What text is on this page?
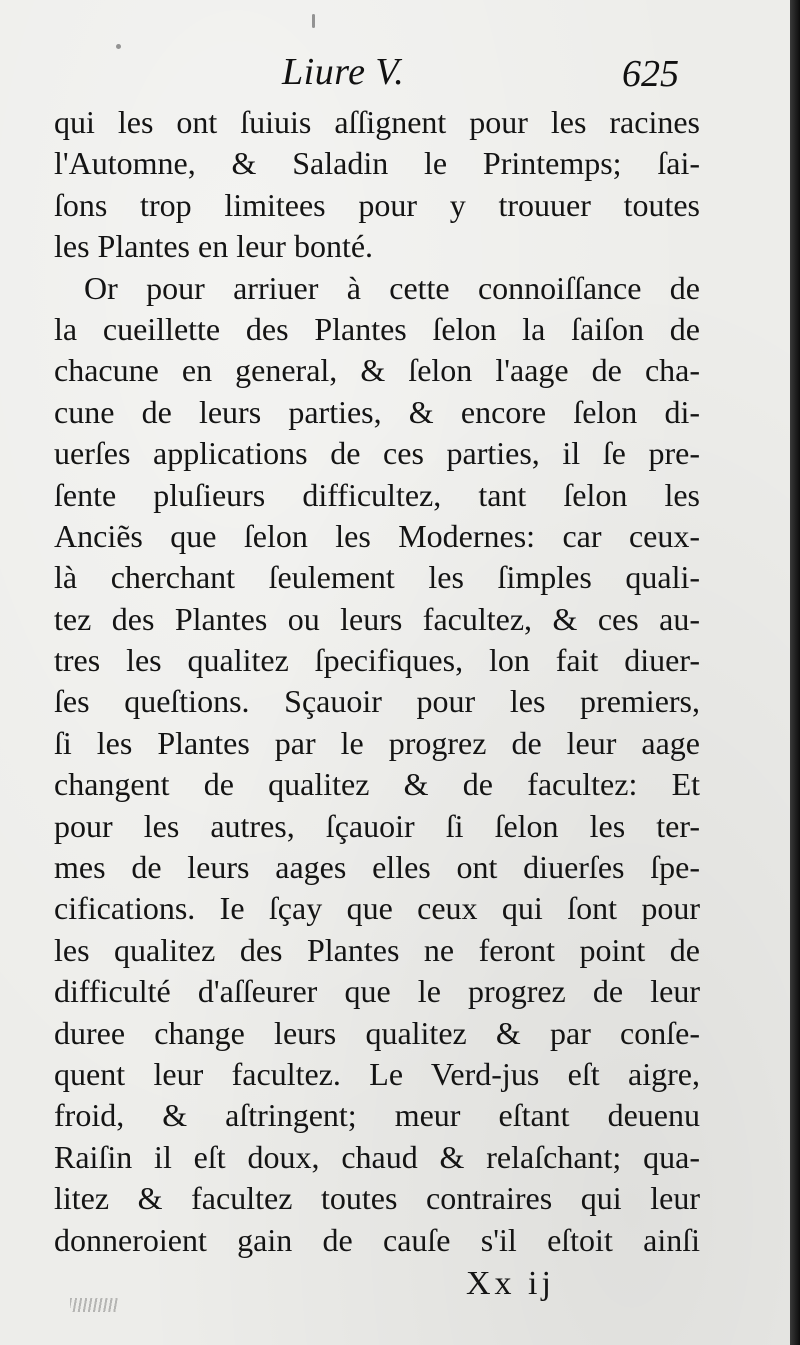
Liure V.	625
qui les ont ſuiuis aſſignent pour les racines
l'Automne, & Saladin le Printemps; ſai-
ſons trop limitees pour y trouuer toutes
les Plantes en leur bonté.
Or pour arriuer à cette connoiſſance de
la cueillette des Plantes ſelon la ſaiſon de
chacune en general, & ſelon l'aage de cha-
cune de leurs parties, & encore ſelon di-
uerſes applications de ces parties, il ſe pre-
ſente pluſieurs difficultez, tant ſelon les
Anciẽs que ſelon les Modernes: car ceux-
là cherchant ſeulement les ſimples quali-
tez des Plantes ou leurs facultez, & ces au-
tres les qualitez ſpecifiques, lon fait diuer-
ſes queſtions. Sçauoir pour les premiers,
ſi les Plantes par le progrez de leur aage
changent de qualitez & de facultez: Et
pour les autres, ſçauoir ſi ſelon les ter-
mes de leurs aages elles ont diuerſes ſpe-
cifications. Ie ſçay que ceux qui ſont pour
les qualitez des Plantes ne feront point de
difficulté d'aſſeurer que le progrez de leur
duree change leurs qualitez & par conſe-
quent leur facultez. Le Verd-jus eſt aigre,
froid, & aſtringent; meur eſtant deuenu
Raiſin il eſt doux, chaud & relaſchant; qua-
litez & facultez toutes contraires qui leur
donneroient gain de cauſe s'il eſtoit ainſi
Xx ij
